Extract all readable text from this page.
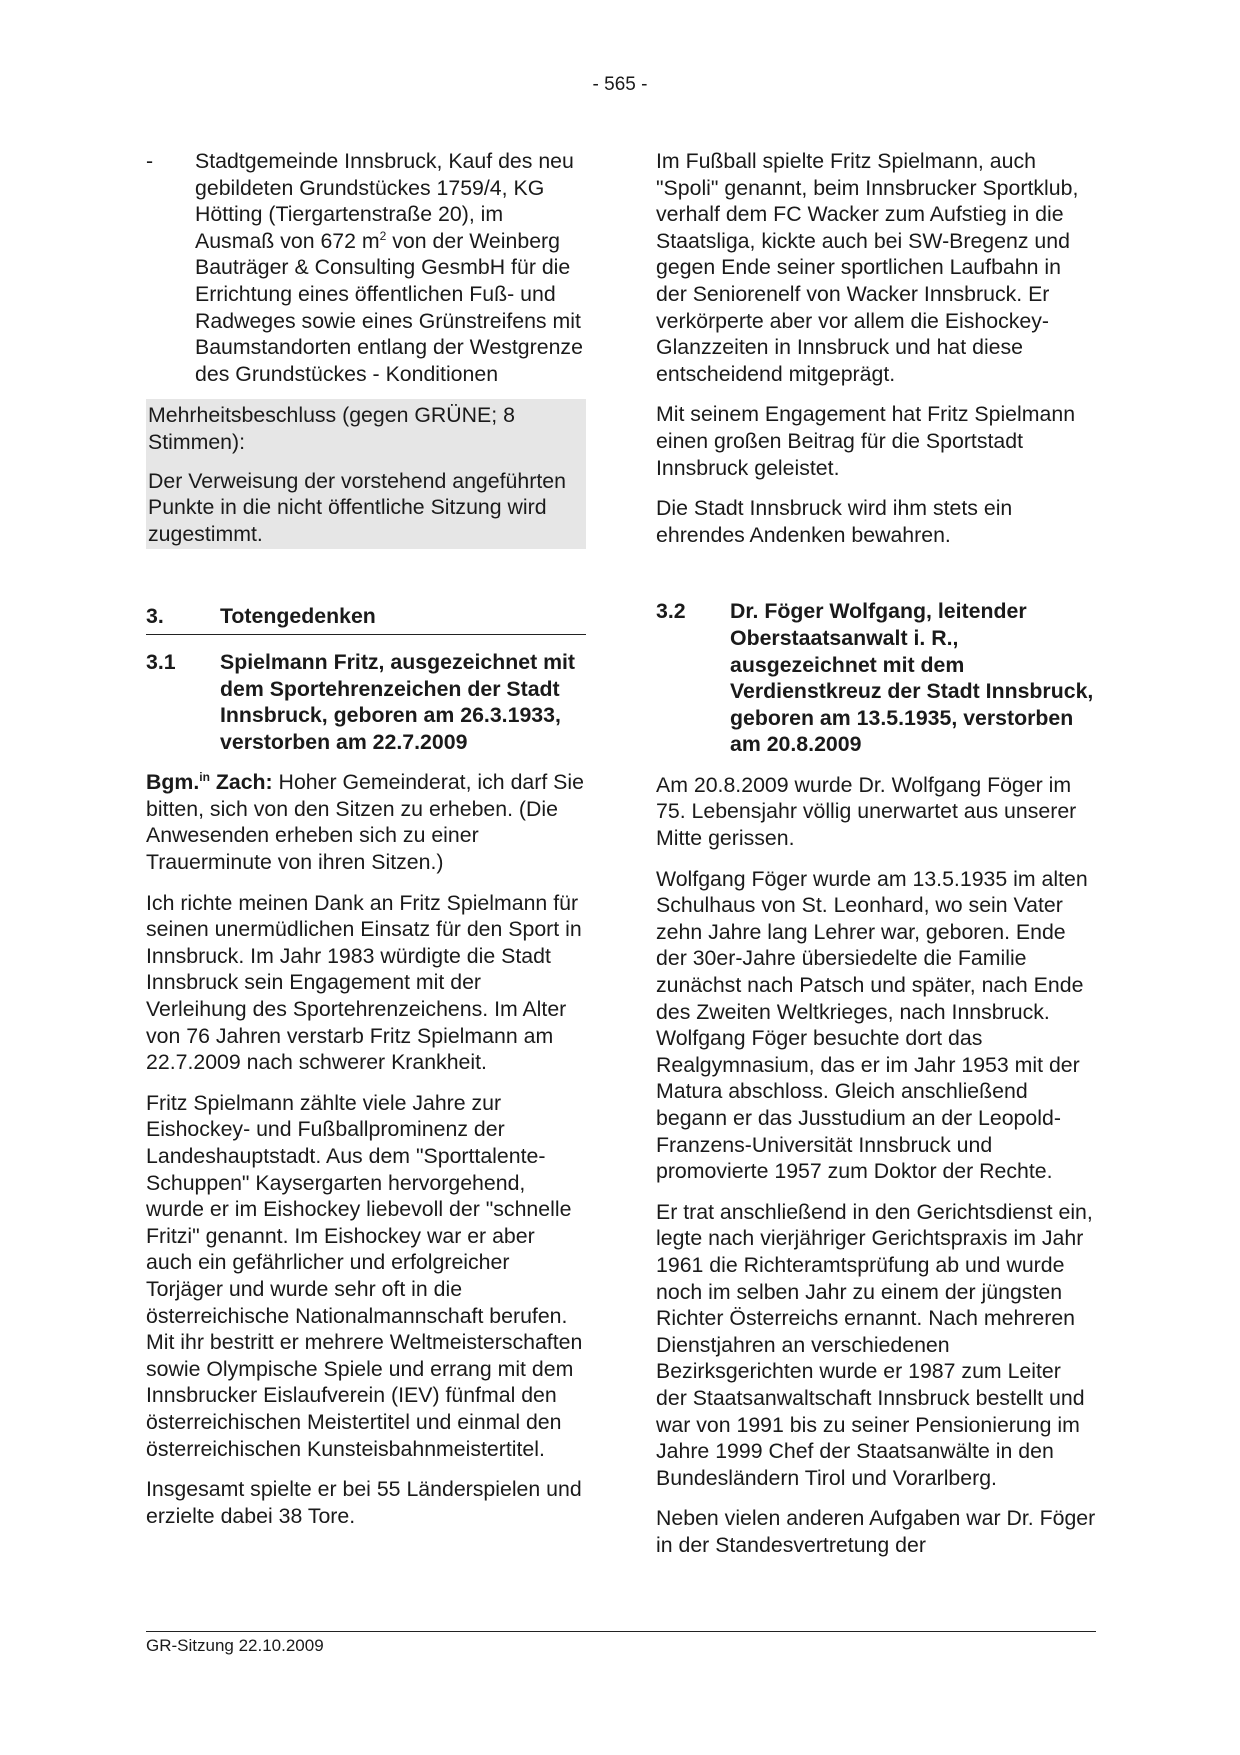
- 565 -
- Stadtgemeinde Innsbruck, Kauf des neu gebildeten Grundstückes 1759/4, KG Hötting (Tiergartenstraße 20), im Ausmaß von 672 $m^2$ von der Weinberg Bauträger & Consulting GesmbH für die Errichtung eines öffentlichen Fuß- und Radweges sowie eines Grünstreifens mit Baumstandorten entlang der Westgrenze des Grundstückes - Konditionen

Mehrheitsbeschluss (gegen GRÜNE; 8 Stimmen):

Der Verweisung der vorstehend angeführten Punkte in die nicht öffentliche Sitzung wird zugestimmt.

3.	Totengedenken
3.1	Spielmann Fritz, ausgezeichnet mit dem Sportehrenzeichen der Stadt Innsbruck, geboren am 26.3.1933, verstorben am 22.7.2009

Bgm.$^{in}$ Zach: Hoher Gemeinderat, ich darf Sie bitten, sich von den Sitzen zu erheben. (Die Anwesenden erheben sich zu einer Trauerminute von ihren Sitzen.)

Ich richte meinen Dank an Fritz Spielmann für seinen unermüdlichen Einsatz für den Sport in Innsbruck. Im Jahr 1983 würdigte die Stadt Innsbruck sein Engagement mit der Verleihung des Sportehrenzeichens. Im Alter von 76 Jahren verstarb Fritz Spielmann am 22.7.2009 nach schwerer Krankheit.

Fritz Spielmann zählte viele Jahre zur Eishockey- und Fußballprominenz der Landeshauptstadt. Aus dem "Sporttalente-Schuppen" Kaysergarten hervorgehend, wurde er im Eishockey liebevoll der "schnelle Fritzi" genannt. Im Eishockey war er aber auch ein gefährlicher und erfolgreicher Torjäger und wurde sehr oft in die österreichische Nationalmannschaft berufen. Mit ihr bestritt er mehrere Weltmeisterschaften sowie Olympische Spiele und errang mit dem Innsbrucker Eislaufverein (IEV) fünfmal den österreichischen Meistertitel und einmal den österreichischen Kunsteisbahnmeistertitel.

Insgesamt spielte er bei 55 Länderspielen und erzielte dabei 38 Tore.

Im Fußball spielte Fritz Spielmann, auch "Spoli" genannt, beim Innsbrucker Sportklub, verhalf dem FC Wacker zum Aufstieg in die Staatsliga, kickte auch bei SW-Bregenz und gegen Ende seiner sportlichen Laufbahn in der Seniorenelf von Wacker Innsbruck. Er verkörperte aber vor allem die Eishockey-Glanzzeiten in Innsbruck und hat diese entscheidend mitgeprägt.

Mit seinem Engagement hat Fritz Spielmann einen großen Beitrag für die Sportstadt Innsbruck geleistet.

Die Stadt Innsbruck wird ihm stets ein ehrendes Andenken bewahren.

3.2	Dr. Föger Wolfgang, leitender Oberstaatsanwalt i. R., ausgezeichnet mit dem Verdienstkreuz der Stadt Innsbruck, geboren am 13.5.1935, verstorben am 20.8.2009

Am 20.8.2009 wurde Dr. Wolfgang Föger im 75. Lebensjahr völlig unerwartet aus unserer Mitte gerissen.

Wolfgang Föger wurde am 13.5.1935 im alten Schulhaus von St. Leonhard, wo sein Vater zehn Jahre lang Lehrer war, geboren. Ende der 30er-Jahre übersiedelte die Familie zunächst nach Patsch und später, nach Ende des Zweiten Weltkrieges, nach Innsbruck. Wolfgang Föger besuchte dort das Realgymnasium, das er im Jahr 1953 mit der Matura abschloss. Gleich anschließend begann er das Jusstudium an der Leopold-Franzens-Universität Innsbruck und promovierte 1957 zum Doktor der Rechte.

Er trat anschließend in den Gerichtsdienst ein, legte nach vierjähriger Gerichtspraxis im Jahr 1961 die Richteramtsprüfung ab und wurde noch im selben Jahr zu einem der jüngsten Richter Österreichs ernannt. Nach mehreren Dienstjahren an verschiedenen Bezirksgerichten wurde er 1987 zum Leiter der Staatsanwaltschaft Innsbruck bestellt und war von 1991 bis zu seiner Pensionierung im Jahre 1999 Chef der Staatsanwälte in den Bundesländern Tirol und Vorarlberg.

Neben vielen anderen Aufgaben war Dr. Föger in der Standesvertretung der

GR-Sitzung 22.10.2009
